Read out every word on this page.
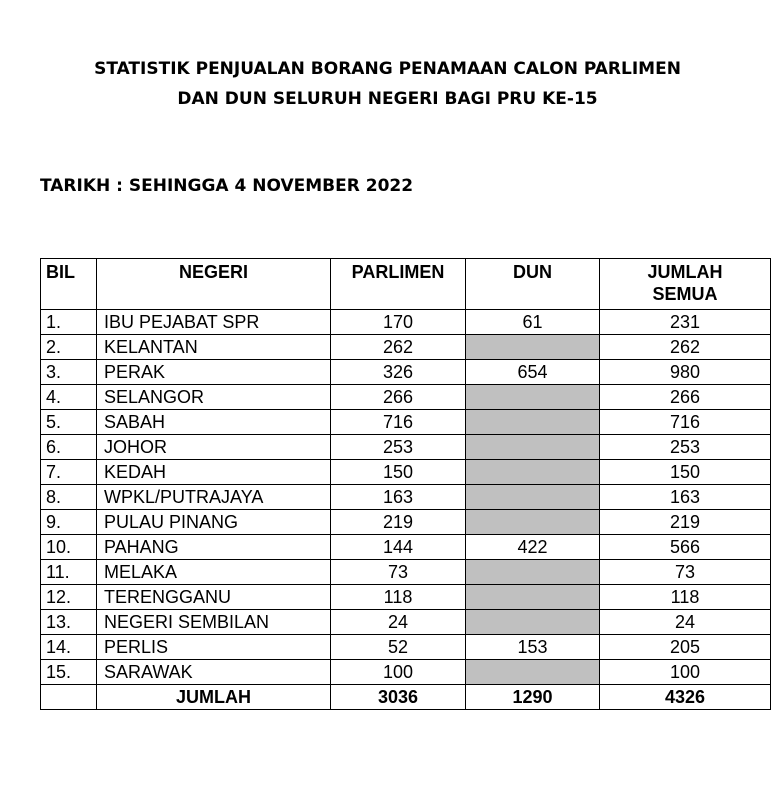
STATISTIK PENJUALAN BORANG PENAMAAN CALON PARLIMEN
DAN DUN SELURUH NEGERI BAGI PRU KE-15
TARIKH : SEHINGGA 4 NOVEMBER 2022
BIL	NEGERI	PARLIMEN	DUN	JUMLAH
SEMUA
1.	IBU PEJABAT SPR	170	61	231
2.	KELANTAN	262		262
3.	PERAK	326	654	980
4.	SELANGOR	266		266
5.	SABAH	716		716
6.	JOHOR	253		253
7.	KEDAH	150		150
8.	WPKL/PUTRAJAYA	163		163
9.	PULAU PINANG	219		219
10.	PAHANG	144	422	566
11.	MELAKA	73		73
12.	TERENGGANU	118		118
13.	NEGERI SEMBILAN	24		24
14.	PERLIS	52	153	205
15.	SARAWAK	100		100
	JUMLAH	3036	1290	4326
